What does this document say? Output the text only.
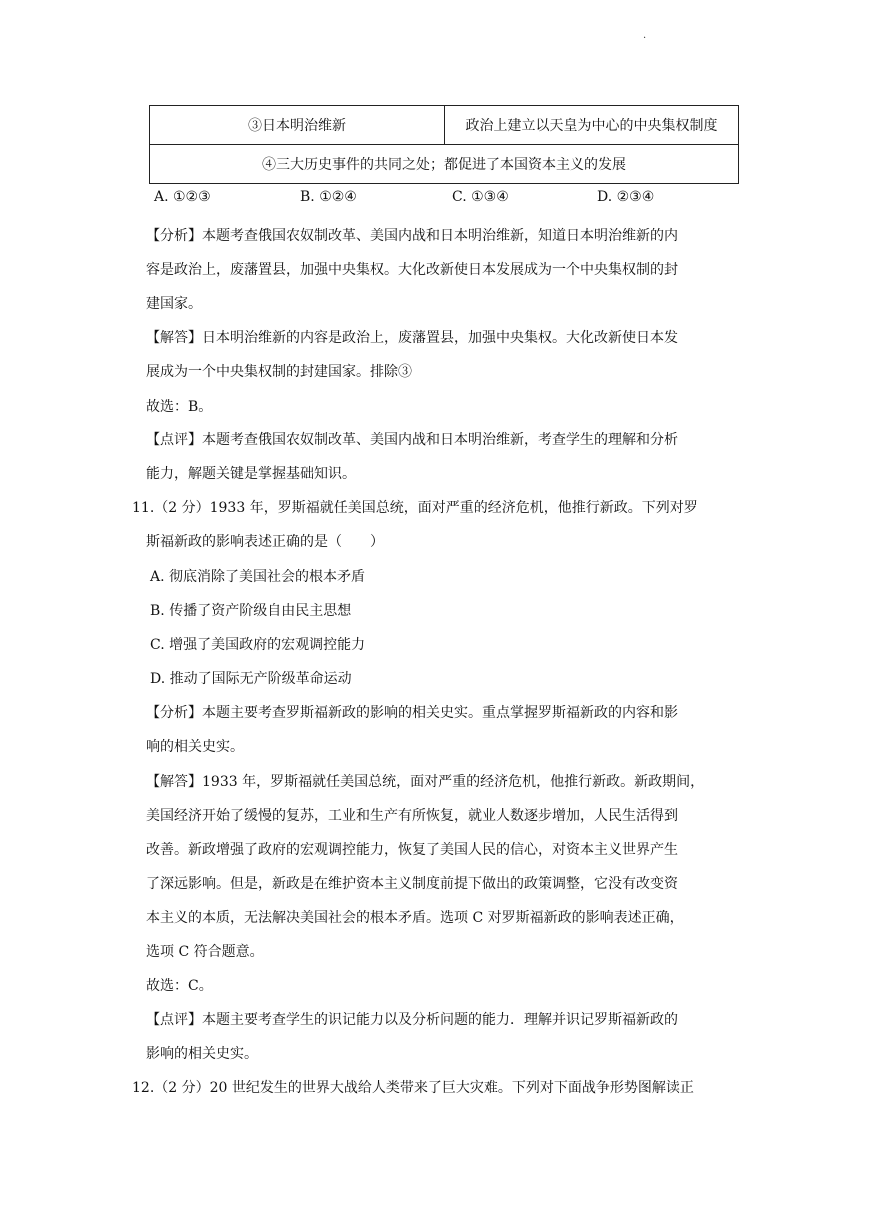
.
③日本明治维新	政治上建立以天皇为中心的中央集权制度
④三大历史事件的共同之处；都促进了本国资本主义的发展
A. ①②③	B. ①②④	C. ①③④	D. ②③④
【分析】本题考查俄国农奴制改革、美国内战和日本明治维新，知道日本明治维新的内
容是政治上，废藩置县，加强中央集权。大化改新使日本发展成为一个中央集权制的封
建国家。
【解答】日本明治维新的内容是政治上，废藩置县，加强中央集权。大化改新使日本发
展成为一个中央集权制的封建国家。排除③
故选：B。
【点评】本题考查俄国农奴制改革、美国内战和日本明治维新，考查学生的理解和分析
能力，解题关键是掌握基础知识。
11.（2 分）1933 年，罗斯福就任美国总统，面对严重的经济危机，他推行新政。下列对罗
斯福新政的影响表述正确的是（　　）
A. 彻底消除了美国社会的根本矛盾
B. 传播了资产阶级自由民主思想
C. 增强了美国政府的宏观调控能力
D. 推动了国际无产阶级革命运动
【分析】本题主要考查罗斯福新政的影响的相关史实。重点掌握罗斯福新政的内容和影
响的相关史实。
【解答】1933 年，罗斯福就任美国总统，面对严重的经济危机，他推行新政。新政期间，
美国经济开始了缓慢的复苏，工业和生产有所恢复，就业人数逐步增加，人民生活得到
改善。新政增强了政府的宏观调控能力，恢复了美国人民的信心，对资本主义世界产生
了深远影响。但是，新政是在维护资本主义制度前提下做出的政策调整，它没有改变资
本主义的本质，无法解决美国社会的根本矛盾。选项 C 对罗斯福新政的影响表述正确，
选项 C 符合题意。
故选：C。
【点评】本题主要考查学生的识记能力以及分析问题的能力．理解并识记罗斯福新政的
影响的相关史实。
12.（2 分）20 世纪发生的世界大战给人类带来了巨大灾难。下列对下面战争形势图解读正
